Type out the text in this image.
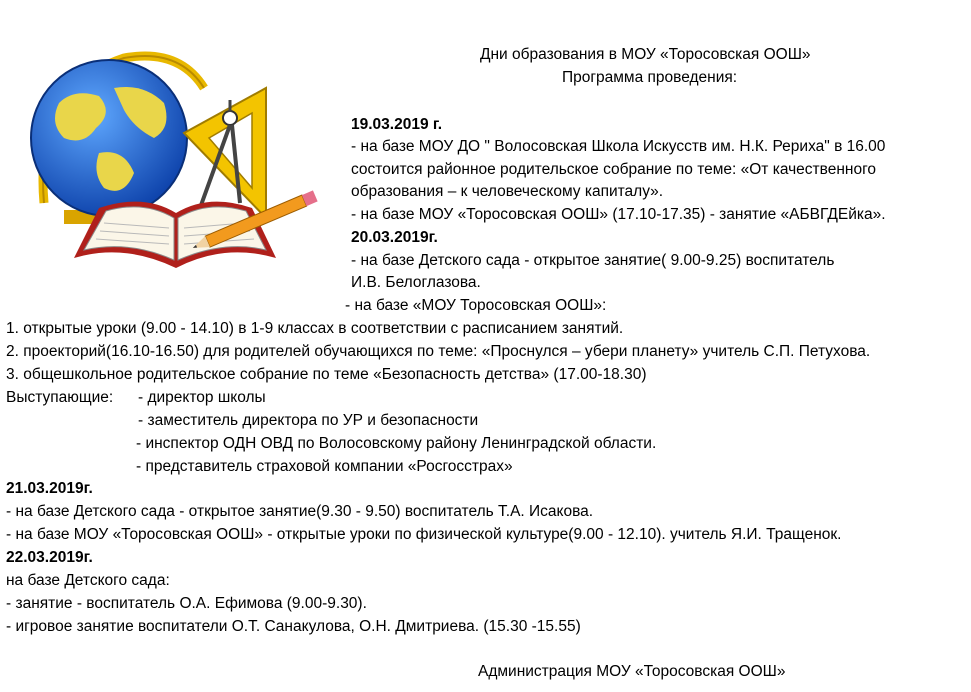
Дни образования в МОУ «Торосовская ООШ»
Программа проведения:
19.03.2019 г.
- на базе МОУ ДО " Волосовская Школа Искусств им. Н.К. Рериха" в 16.00
состоится районное родительское собрание по теме: «От качественного
образования – к человеческому капиталу».
- на базе МОУ «Торосовская ООШ» (17.10-17.35) - занятие «АБВГДЕйка».
20.03.2019г.
- на базе Детского сада - открытое занятие( 9.00-9.25) воспитатель
И.В. Белоглазова.
- на базе «МОУ Торосовская ООШ»:
1. открытые уроки (9.00 - 14.10) в 1-9 классах в соответствии с расписанием занятий.
2. проекторий(16.10-16.50) для родителей обучающихся по теме: «Проснулся – убери планету» учитель С.П. Петухова.
3. общешкольное родительское собрание по теме «Безопасность детства» (17.00-18.30)
Выступающие: - директор школы
- заместитель директора по УР и безопасности
- инспектор ОДН ОВД по Волосовскому району Ленинградской области.
- представитель страховой компании «Росгосстрах»
21.03.2019г.
- на базе Детского сада - открытое занятие(9.30 - 9.50) воспитатель Т.А. Исакова.
- на базе МОУ «Торосовская ООШ» - открытые уроки по физической культуре(9.00 - 12.10). учитель Я.И. Тращенок.
22.03.2019г.
на базе Детского сада:
- занятие - воспитатель О.А. Ефимова (9.00-9.30).
- игровое занятие воспитатели О.Т. Санакулова, О.Н. Дмитриева. (15.30 -15.55)
Администрация МОУ «Торосовская ООШ»
